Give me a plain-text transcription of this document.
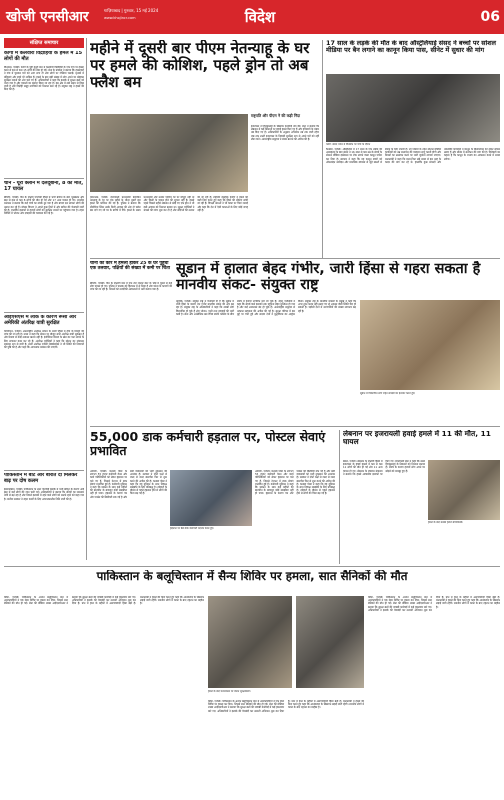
खोजी एनसीआर	गाज़ियाबाद | गुरुवार, 15 मई 2024
www.khojincr.com	विदेश	06
संक्षिप्त समाचार
कांगो में कलवारी विद्रोहियों के हमले में 15 लोगों की मौत
किंशासा, एजेंसी। कांगो के पूर्वी इतुरी प्रांत में कलवारी विद्रोहियों के एक गांव पर हमला करने से कम से कम 15 लोगों की मौत हो गई। सेना के प्रवक्ता ने बताया कि हमलावरों ने गांव में घुसकर घरों को आग लगा दी और लोगों पर गोलियां चलाईं। मृतकों में महिलाएं और बच्चे भी शामिल हैं। हमले के बाद बड़ी संख्या में लोग अपने घर छोड़कर सुरक्षित स्थानों की ओर चले गए हैं। अधिकारियों ने कहा कि इलाके में सुरक्षा बलों को भेजा गया है और घायलों का इलाज किया जा रहा है। इस क्षेत्र में लंबे समय से हिंसा जारी है और विद्रोही समूह नागरिकों को निशाना बना रहे हैं। संयुक्त राष्ट्र ने हमले की निंदा की है।
चीन - यूरो क्लीन में दलदूबानी, 8 की मौत, 17 घायल
बीजिंग, एजेंसी। चीन के दक्षिण पश्चिमी हिस्से में भारी बारिश के बाद भूस्खलन और बाढ़ से कम से कम 8 लोगों की मौत हो गई और 17 अन्य घायल हो गए। स्थानीय प्रशासन ने बताया कि कई गांवों का संपर्क टूट गया है और बचाव दल लापता लोगों की तलाश कर रहे हैं। मौसम विभाग ने अगले कुछ दिनों में और बारिश की चेतावनी जारी की है। प्रभावित इलाकों से हजारों लोगों को सुरक्षित स्थानों पर पहुंचाया गया है। राहत शिविरों में भोजन और दवाइयों की व्यवस्था की गई है।
आईएसएस में लीक के कारण रूसी और अमेरिकी अंतरिक्ष यात्री सुरक्षित
वाशिंगटन, एजेंसी। अंतरराष्ट्रीय अंतरिक्ष स्टेशन के रूसी हिस्से में हवा के रिसाव की जांच की जा रही है। नासा ने कहा कि स्टेशन पर मौजूद सभी अंतरिक्ष यात्री सुरक्षित हैं और रिसाव से कोई तत्काल खतरा नहीं है। इंजीनियर रिसाव के स्रोत का पता लगाने के लिए लगातार काम कर रहे हैं। अंतरिक्ष एजेंसियों ने कहा कि स्टेशन का संचालन सामान्य रूप से जारी है। रूसी अंतरिक्ष एजेंसी रोस्कोस्मोस ने भी स्थिति की निगरानी की पुष्टि की है और कहा कि आवश्यक मरम्मत की जाएगी।
पाकिस्तान में बोट और बारात दो मिलकर बाढ़ पर दोष कलम
इस्लामाबाद, एजेंसी। पाकिस्तान के उत्तर पश्चिमी इलाके में भारी बारिश के कारण आई बाढ़ में कई लोगों की जान चली गई। अधिकारियों ने बताया कि नदियों का जलस्तर तेजी से बढ़ रहा है और निचले इलाकों में रहने वाले लोगों को सतर्क रहने को कहा गया है। प्रांतीय सरकार ने राहत कार्यों के लिए आपातकालीन निधि जारी की है।
महीने में दूसरी बार पीएम नेतन्याहू के घर पर हमले की कोशिश, पहले ड्रोन तो अब फ्लैश बम
राष्ट्रपति और पीएम ने की कड़ी निंदा
इजरायल ने हिज्बुल्लाह के खिलाफ कार्रवाई तेज की। सेना ने बताया कि लेबनान में कई ठिकानों पर हवाई हमले किए गए हैं और हथियारों के भंडार नष्ट किए गए हैं। अधिकारियों के अनुसार अभियान तब तक जारी रहेगा जब तक उत्तरी इजरायल के निवासी सुरक्षित रूप से अपने घरों को नहीं लौट जाते। अंतरराष्ट्रीय समुदाय ने संयम बरतने की अपील की है।
येरुशलम, एजेंसी। इजरायली प्रधानमंत्री बेंजामिन नेतन्याहू के घर पर एक महीने के भीतर दूसरी बार हमले की कोशिश की गई है। पुलिस ने बताया कि सीजेरिया स्थित उनके निजी आवास की ओर दो फ्लैश बम दागे गए जो घर के बगीचे में गिरे। हमले के समय प्रधानमंत्री और उनका परिवार घर पर मौजूद नहीं था और किसी के घायल होने की सूचना नहीं है। इससे पहले पिछले महीने लेबनान से छोड़े गए एक ड्रोन ने भी इसी आवास को निशाना बनाया था। सुरक्षा एजेंसियों ने मामले की जांच शुरू कर दी है और संदिग्धों की तलाश की जा रही है। राष्ट्रपति इसहाक हर्जोग ने हमले की कड़ी निंदा करते हुए कहा कि हिंसा की सीमाएं लांघी जा रही हैं। विपक्षी नेताओं ने भी घटना पर चिंता जताई और कहा कि देश में ऐसी घटनाओं के लिए कोई जगह नहीं है।
17 साल के लड़के की मौत के बाद ऑस्ट्रेलियाई संसद ने बच्चों पर सोशल मीडिया पर बैन लगाने का कानून किया पास, सीनेट में सुधार की मांग
फोटो: संसद भवन में विधेयक पर चर्चा के दौरान
कैनबरा, एजेंसी। ऑस्ट्रेलिया में 17 साल के एक लड़के की आत्महत्या के बाद संसद ने 16 साल से कम उम्र के बच्चों के सोशल मीडिया इस्तेमाल पर रोक लगाने वाला कानून पारित कर दिया है। सरकार ने कहा कि यह कानून बच्चों को ऑनलाइन उत्पीड़न और मानसिक स्वास्थ्य से जुड़े खतरों से बचाने के लिए जरूरी है। नए नियमों के तहत सोशल मीडिया कंपनियों को उम्र सत्यापन की व्यवस्था लागू करनी होगी और नियमों का उल्लंघन करने पर भारी जुर्माना लगाया जाएगा। प्रधानमंत्री ने कहा कि माता-पिता लंबे समय से इस तरह के कदम की मांग कर रहे थे। हालांकि कुछ सांसदों और तकनीकी कंपनियों ने कानून के क्रियान्वयन को लेकर सवाल उठाए हैं और सीनेट में संशोधन की मांग की है। विशेषज्ञों का कहना है कि कानून के प्रभाव का आकलन करने में समय लगेगा।
चीनी की कार में हमला होकर 25 के घर पुहुंचा एक तलवार, पक्षियों की संख्या में कमी पर चिंता
बीजिंग, एजेंसी। चीन के दक्षिणी प्रांत में एक तेज रफ्तार कार के भीड़ में घुसने से कई लोग घायल हो गए। पुलिस ने चालक को हिरासत में ले लिया है और घटना के कारणों की जांच की जा रही है। घायलों को नजदीकी अस्पतालों में भर्ती कराया गया है।
सूडान में हालात बेहद गंभीर, जारी हिंसा से गहरा सकता है मानवीय संकट- संयुक्त राष्ट्र
न्यूयॉर्क, एजेंसी। संयुक्त राष्ट्र ने चेतावनी दी है कि सूडान में जारी हिंसा के कारण देश गंभीर मानवीय संकट की ओर बढ़ रहा है। संयुक्त राष्ट्र के अधिकारियों ने कहा कि लाखों लोग विस्थापित हो चुके हैं और भोजन, पानी तथा दवाइयों की भारी कमी है। सेना और अर्धसैनिक बल रैपिड सपोर्ट फोर्सेज के बीच संघर्ष में हजारों नागरिक मारे जा चुके हैं। राहत एजेंसियों ने कहा कि संघर्ष वाले इलाकों तक पहुंचना बेहद मुश्किल हो गया है और कई अस्पताल बंद हो चुके हैं। अंतरराष्ट्रीय समुदाय से तत्काल सहायता की अपील की गई है। सुरक्षा परिषद में इस मुद्दे पर चर्चा हुई और सदस्य देशों ने युद्धविराम का आह्वान किया। संयुक्त राष्ट्र के मानवीय मामलों के प्रमुख ने कहा कि अगर तुरंत कदम नहीं उठाए गए तो अकाल जैसी स्थिति पैदा हो सकती है। पड़ोसी देशों में शरणार्थियों की संख्या लगातार बढ़ रही है।
सूडान में विस्थापित लोग राहत सामग्री का इंतजार करते हुए।
55,000 डाक कर्मचारी हड़ताल पर, पोस्टल सेवाएं प्रभावित
हड़ताल पर बैठे डाक कर्मचारी प्रदर्शन करते हुए।
ओटावा, एजेंसी। कनाडा पोस्ट के लगभग 55 हजार कर्मचारी वेतन और कार्य परिस्थितियों को लेकर हड़ताल पर चले गए हैं, जिससे देशभर में डाक सेवाएं प्रभावित हुई हैं। कर्मचारी यूनियन ने कहा कि प्रबंधन के साथ कई महीनों की बातचीत के बावजूद कोई समझौता नहीं हो पाया। हड़ताल के कारण पत्र और पार्सल की डिलीवरी रुक गई है और छोटे व्यवसायों को भारी नुकसान की आशंका है। सरकार ने दोनों पक्षों से जल्द से जल्द बातचीत फिर से शुरू करने की अपील की है। कनाडा पोस्ट ने कहा कि वह यूनियन के साथ निष्पक्ष समझौते के लिए प्रतिबद्ध है। त्योहारों के मौसम से पहले हड़ताल होने से लोगों की चिंता बढ़ गई है।
ओटावा, एजेंसी। कनाडा पोस्ट के लगभग 55 हजार कर्मचारी वेतन और कार्य परिस्थितियों को लेकर हड़ताल पर चले गए हैं, जिससे देशभर में डाक सेवाएं प्रभावित हुई हैं। कर्मचारी यूनियन ने कहा कि प्रबंधन के साथ कई महीनों की बातचीत के बावजूद कोई समझौता नहीं हो पाया। हड़ताल के कारण पत्र और पार्सल की डिलीवरी रुक गई है और छोटे व्यवसायों को भारी नुकसान की आशंका है। सरकार ने दोनों पक्षों से जल्द से जल्द बातचीत फिर से शुरू करने की अपील की है। कनाडा पोस्ट ने कहा कि वह यूनियन के साथ निष्पक्ष समझौते के लिए प्रतिबद्ध है। त्योहारों के मौसम से पहले हड़ताल होने से लोगों की चिंता बढ़ गई है।
लेबनान पर इजरायली हवाई हमले में 11 की मौत, 11 घायल
बेरूत, एजेंसी। लेबनान के दक्षिणी हिस्से में इजरायल के हवाई हमलों में कम से कम 11 लोगों की मौत हो गई और 11 अन्य घायल हो गए। लेबनान के स्वास्थ्य मंत्रालय ने बताया कि हमले आवासीय इलाकों पर किए गए। इजरायली सेना ने कहा कि उसने हिज्बुल्लाह के ठिकानों को निशाना बनाया है। संघर्ष के कारण हजारों लोग अपने घर छोड़ने को मजबूर हुए हैं।
हमले के बाद मलबा हटाते बचावकर्मी।
पाकिस्तान के बलूचिस्तान में सैन्य शिविर पर हमला, सात सैनिकों की मौत
क्वेटा, एजेंसी। पाकिस्तान के अशांत बलूचिस्तान प्रांत में आतंकवादियों ने एक सैन्य शिविर पर हमला कर दिया, जिसमें सात सैनिकों की मौत हो गई। सेना की मीडिया शाखा आईएसपीआर ने बताया कि सुरक्षा बलों की जवाबी कार्रवाई में कई हमलावर मारे गए। अधिकारियों ने इलाके की घेराबंदी कर तलाशी अभियान शुरू कर दिया है। प्रांत में हाल के महीनों में अलगाववादी हिंसा बढ़ी है। प्रधानमंत्री ने हमले की निंदा करते हुए कहा कि आतंकवाद के खिलाफ लड़ाई जारी रहेगी। स्थानीय लोगों में घटना के बाद दहशत का माहौल है।
हमले के बाद घटनास्थल पर तैनात सुरक्षाकर्मी।
क्वेटा, एजेंसी। पाकिस्तान के अशांत बलूचिस्तान प्रांत में आतंकवादियों ने एक सैन्य शिविर पर हमला कर दिया, जिसमें सात सैनिकों की मौत हो गई। सेना की मीडिया शाखा आईएसपीआर ने बताया कि सुरक्षा बलों की जवाबी कार्रवाई में कई हमलावर मारे गए। अधिकारियों ने इलाके की घेराबंदी कर तलाशी अभियान शुरू कर दिया है। प्रांत में हाल के महीनों में अलगाववादी हिंसा बढ़ी है। प्रधानमंत्री ने हमले की निंदा करते हुए कहा कि आतंकवाद के खिलाफ लड़ाई जारी रहेगी। स्थानीय लोगों में घटना के बाद दहशत का माहौल है।
क्वेटा, एजेंसी। पाकिस्तान के अशांत बलूचिस्तान प्रांत में आतंकवादियों ने एक सैन्य शिविर पर हमला कर दिया, जिसमें सात सैनिकों की मौत हो गई। सेना की मीडिया शाखा आईएसपीआर ने बताया कि सुरक्षा बलों की जवाबी कार्रवाई में कई हमलावर मारे गए। अधिकारियों ने इलाके की घेराबंदी कर तलाशी अभियान शुरू कर दिया है। प्रांत में हाल के महीनों में अलगाववादी हिंसा बढ़ी है। प्रधानमंत्री ने हमले की निंदा करते हुए कहा कि आतंकवाद के खिलाफ लड़ाई जारी रहेगी। स्थानीय लोगों में घटना के बाद दहशत का माहौल है।
